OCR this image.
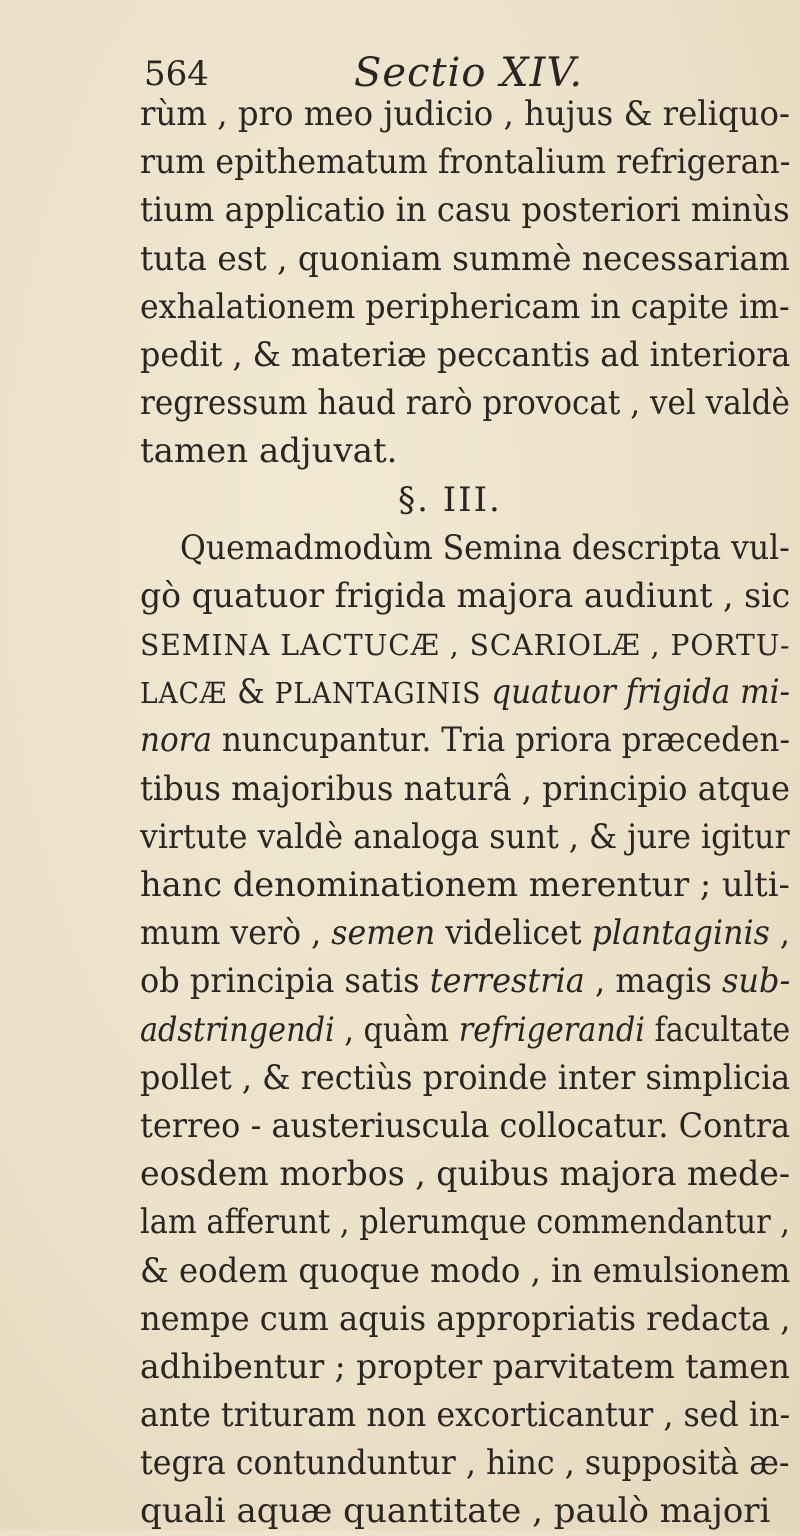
564	Sectio XIV.
rùm , pro meo judicio , hujus & reliquo-
rum epithematum frontalium refrigeran-
tium applicatio in casu posteriori minùs
tuta est , quoniam summè necessariam
exhalationem periphericam in capite im-
pedit , & materiæ peccantis ad interiora
regressum haud rarò provocat , vel valdè
tamen adjuvat.
§. III.
Quemadmodùm Semina descripta vul-
gò quatuor frigida majora audiunt , sic
SEMINA LACTUCÆ , SCARIOLÆ , PORTU-
LACÆ & PLANTAGINIS quatuor frigida mi-
nora nuncupantur. Tria priora præceden-
tibus majoribus naturâ , principio atque
virtute valdè analoga sunt , & jure igitur
hanc denominationem merentur ; ulti-
mum verò , semen videlicet plantaginis ,
ob principia satis terrestria , magis sub-
adstringendi , quàm refrigerandi facultate
pollet , & rectiùs proinde inter simplicia
terreo - austeriuscula collocatur. Contra
eosdem morbos , quibus majora mede-
lam afferunt , plerumque commendantur ,
& eodem quoque modo , in emulsionem
nempe cum aquis appropriatis redacta ,
adhibentur ; propter parvitatem tamen
ante trituram non excorticantur , sed in-
tegra contunduntur , hinc , supposità æ-
quali aquæ quantitate , paulò majori
